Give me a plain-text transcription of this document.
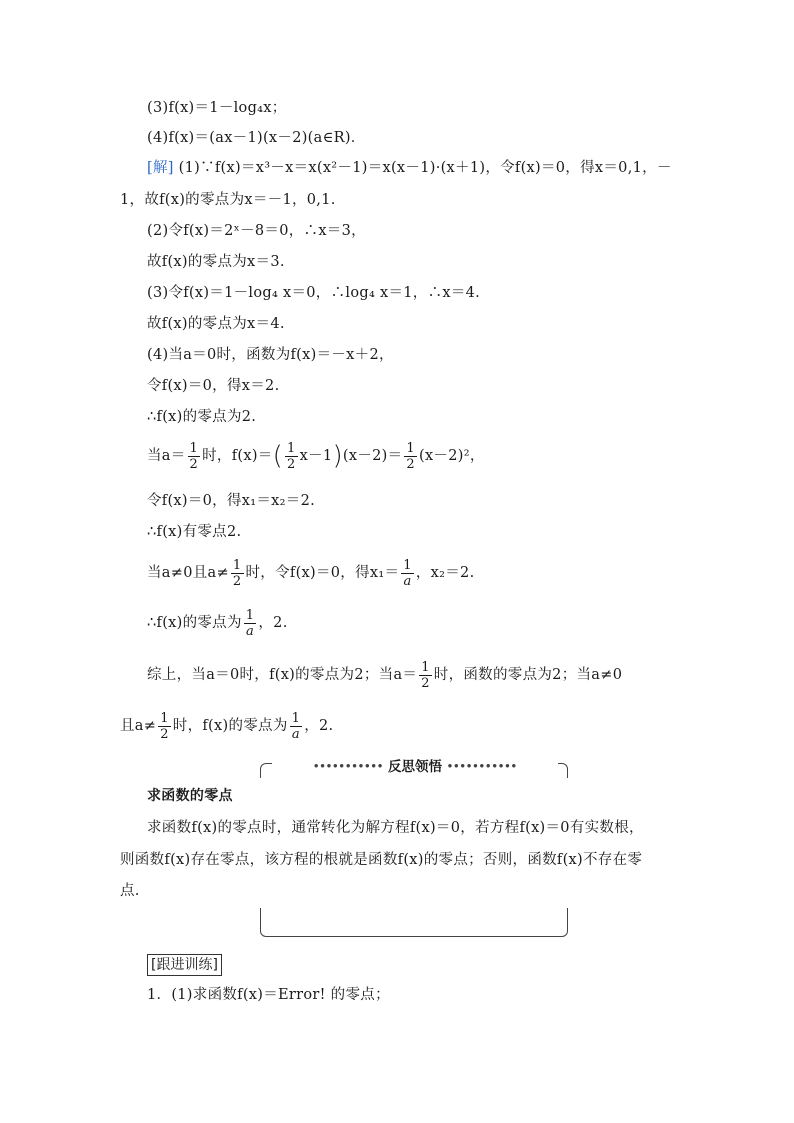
(3)f(x)＝1－log₄x；
(4)f(x)＝(ax－1)(x－2)(a∈R)．
[解] (1)∵f(x)＝x³－x＝x(x²－1)＝x(x－1)·(x＋1)，令f(x)＝0，得x＝0,1，－
1，故f(x)的零点为x＝－1，0,1.
(2)令f(x)＝2ˣ－8＝0，∴x＝3，
故f(x)的零点为x＝3.
(3)令f(x)＝1－log₄ x＝0，∴log₄ x＝1，∴x＝4.
故f(x)的零点为x＝4.
(4)当a＝0时，函数为f(x)＝－x＋2，
令f(x)＝0，得x＝2.
∴f(x)的零点为2.
当$a= \frac{1}{2}$ 时，$f(x)=( \frac{1}{2} x-1)(x-2)= \frac{1}{2} (x-2)^2$，
令f(x)＝0，得x₁＝x₂＝2.
∴f(x)有零点2.
当a≠0且$a\ne \frac{1}{2}$ 时，令f(x)＝0，得$x_1= \frac{1}{a}$ ，x₂＝2.
∴f(x)的零点为 $\frac{1}{a}$ ，2.
综上，当a＝0时，f(x)的零点为2；当$a= \frac{1}{2}$ 时，函数的零点为2；当a≠0
且$a\ne \frac{1}{2}$ 时，f(x)的零点为 $\frac{1}{a}$ ，2.
••••••••••• 反思领悟 •••••••••••
求函数的零点
求函数f(x)的零点时，通常转化为解方程f(x)＝0，若方程f(x)＝0有实数根，
则函数f(x)存在零点，该方程的根就是函数f(x)的零点；否则，函数f(x)不存在零
点.
[跟进训练]
1．(1)求函数f(x)＝Error! 的零点；
